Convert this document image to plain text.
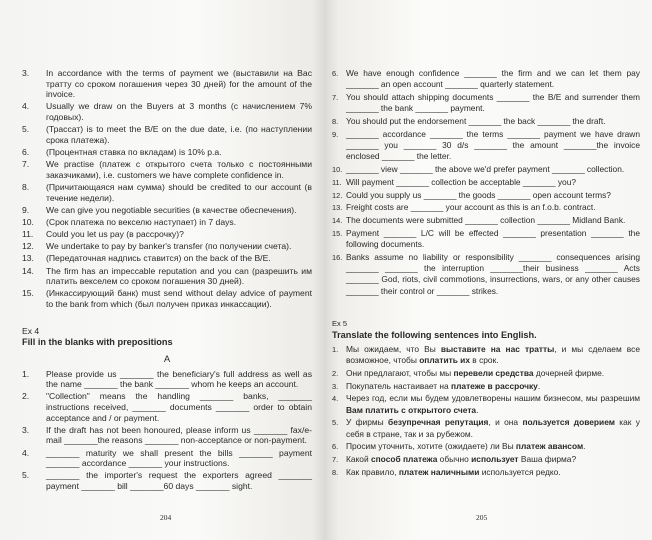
3.	In accordance with the terms of payment we (выставили на Вас тратту со сроком погашения через 30 дней) for the amount of the invoice.
4.	Usually we draw on the Buyers at 3 months (с начислением 7% годовых).
5.	(Трассат) is to meet the B/E on the due date, i.e. (по наступлении срока платежа).
6.	(Процентная ставка по вкладам) is 10% p.a.
7.	We practise (платеж с открытого счета только с постоянными заказчиками), i.e. customers we have complete confidence in.
8.	(Причитающаяся нам сумма) should be credited to our account (в течение недели).
9.	We can give you negotiable securities (в качестве обеспечения).
10.	(Срок платежа по векселю наступает) in 7 days.
11.	Could you let us pay (в рассрочку)?
12.	We undertake to pay by banker's transfer (по получении счета).
13.	(Передаточная надпись ставится) on the back of the B/E.
14.	The firm has an impeccable reputation and you can (разрешить им платить векселем со сроком погашения 30 дней).
15.	(Инкассирующий банк) must send without delay advice of payment to the bank from which (был получен приказ инкассации).
Ex 4
Fill in the blanks with prepositions
A
1.	Please provide us _______ the beneficiary's full address as well as the name _______ the bank _______ whom he keeps an account.
2.	"Collection" means the handling _______ banks, _______ instructions received, _______ documents _______ order to obtain acceptance and / or payment.
3.	If the draft has not been honoured, please inform us _______ fax/e-mail _______the reasons _______ non-acceptance or non-payment.
4.	_______ maturity we shall present the bills _______ payment _______ accordance _______ your instructions.
5.	_______ the importer's request the exporters agreed _______ payment _______ bill _______60 days _______ sight.
204
6. We have enough confidence _______ the firm and we can let them pay _______ an open account _______ quarterly statement.
7. You should attach shipping documents _______ the B/E and surrender them _______ the bank _______ payment.
8. You should put the endorsement _______ the back _______ the draft.
9. _______ accordance _______ the terms _______ payment we have drawn _______ you _______ 30 d/s _______ the amount _______the invoice enclosed _______ the letter.
10. _______ view _______ the above we'd prefer payment _______ collection.
11. Will payment _______ collection be acceptable _______ you?
12. Could you supply us _______ the goods _______ open account terms?
13. Freight costs are _______ your account as this is an f.o.b. contract.
14. The documents were submitted _______ collection _______ Midland Bank.
15. Payment _______ L/C will be effected _______ presentation _______ the following documents.
16. Banks assume no liability or responsibility _______ consequences arising _______ _______ the interruption _______their business _______ Acts _______ God, riots, civil commotions, insurrections, wars, or any other causes _______ their control or _______ strikes.
Ex 5
Translate the following sentences into English.
1. Мы ожидаем, что Вы выставите на нас тратты, и мы сделаем все возможное, чтобы оплатить их в срок.
2. Они предлагают, чтобы мы перевели средства дочерней фирме.
3. Покупатель настаивает на платеже в рассрочку.
4. Через год, если мы будем удовлетворены нашим бизнесом, мы разрешим Вам платить с открытого счета.
5. У фирмы безупречная репутация, и она пользуется доверием как у себя в стране, так и за рубежом.
6. Просим уточнить, хотите (ожидаете) ли Вы платеж авансом.
7. Какой способ платежа обычно использует Ваша фирма?
8. Как правило, платеж наличными используется редко.
205
